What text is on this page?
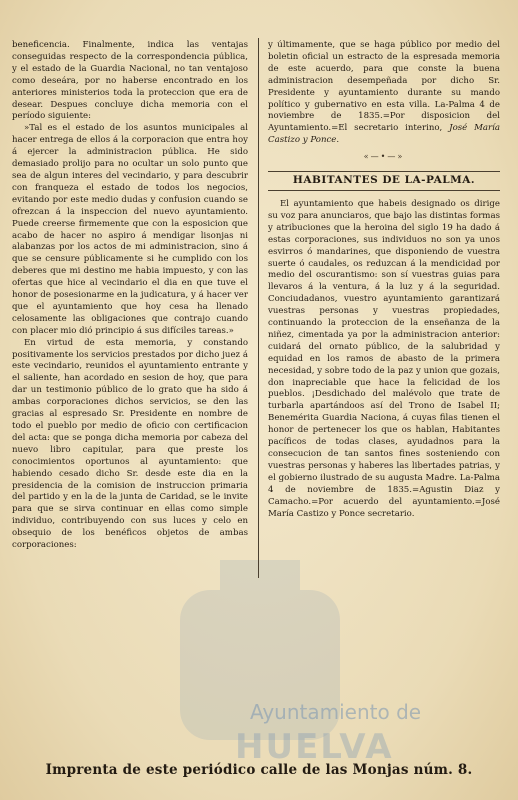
Ayuntamiento de
HUELVA

beneficencia. Finalmente, indica las ventajas conseguidas respecto de la correspondencia pública, y el estado de la Guardia Nacional, no tan ventajoso como deseára, por no haberse encontrado en los anteriores ministerios toda la proteccion que era de desear. Despues concluye dicha memoria con el período siguiente:

»Tal es el estado de los asuntos municipales al hacer entrega de ellos á la corporacion que entra hoy á ejercer la administracion pública. He sido demasiado prolijo para no ocultar un solo punto que sea de algun interes del vecindario, y para descubrir con franqueza el estado de todos los negocios, evitando por este medio dudas y confusion cuando se ofrezcan á la inspeccion del nuevo ayuntamiento. Puede creerse firmemente que con la esposicion que acabo de hacer no aspiro á mendigar lisonjas ni alabanzas por los actos de mi administracion, sino á que se censure públicamente si he cumplido con los deberes que mi destino me habia impuesto, y con las ofertas que hice al vecindario el dia en que tuve el honor de posesionarme en la judicatura, y á hacer ver que el ayuntamiento que hoy cesa ha llenado celosamente las obligaciones que contrajo cuando con placer mio dió principio á sus difíciles tareas.»

En virtud de esta memoria, y constando positivamente los servicios prestados por dicho juez á este vecindario, reunidos el ayuntamiento entrante y el saliente, han acordado en sesion de hoy, que para dar un testimonio público de lo grato que ha sido á ambas corporaciones dichos servicios, se den las gracias al espresado Sr. Presidente en nombre de todo el pueblo por medio de oficio con certificacion del acta: que se ponga dicha memoria por cabeza del nuevo libro capitular, para que preste los conocimientos oportunos al ayuntamiento: que habiendo cesado dicho Sr. desde este dia en la presidencia de la comision de instruccion primaria del partido y en la de la junta de Caridad, se le invite para que se sirva continuar en ellas como simple individuo, contribuyendo con sus luces y celo en obsequio de los benéficos objetos de ambas corporaciones:

y últimamente, que se haga público por medio del boletin oficial un estracto de la espresada memoria de este acuerdo, para que conste la buena administracion desempeñada por dicho Sr. Presidente y ayuntamiento durante su mando político y gubernativo en esta villa. La-Palma 4 de noviembre de 1835.=Por disposicion del Ayuntamiento.=El secretario interino, José María Castizo y Ponce.

«—•—»
HABITANTES DE LA-PALMA.

El ayuntamiento que habeis designado os dirige su voz para anunciaros, que bajo las distintas formas y atribuciones que la heroina del siglo 19 ha dado á estas corporaciones, sus individuos no son ya unos esvirros ó mandarines, que disponiendo de vuestra suerte ó caudales, os reduzcan á la mendicidad por medio del oscurantismo: son sí vuestras guias para llevaros á la ventura, á la luz y á la seguridad. Conciudadanos, vuestro ayuntamiento garantizará vuestras personas y vuestras propiedades, continuando la proteccion de la enseñanza de la niñez, cimentada ya por la administracion anterior: cuidará del ornato público, de la salubridad y equidad en los ramos de abasto de la primera necesidad, y sobre todo de la paz y union que gozais, don inapreciable que hace la felicidad de los pueblos. ¡Desdichado del malévolo que trate de turbarla apartándoos así del Trono de Isabel II; Benemérita Guardia Naciona, á cuyas filas tienen el honor de pertenecer los que os hablan, Habitantes pacíficos de todas clases, ayudadnos para la consecucion de tan santos fines sosteniendo con vuestras personas y haberes las libertades patrias, y el gobierno ilustrado de su augusta Madre. La-Palma 4 de noviembre de 1835.=Agustin Diaz y Camacho.=Por acuerdo del ayuntamiento.=José María Castizo y Ponce secretario.

Imprenta de este periódico calle de las Monjas núm. 8.
